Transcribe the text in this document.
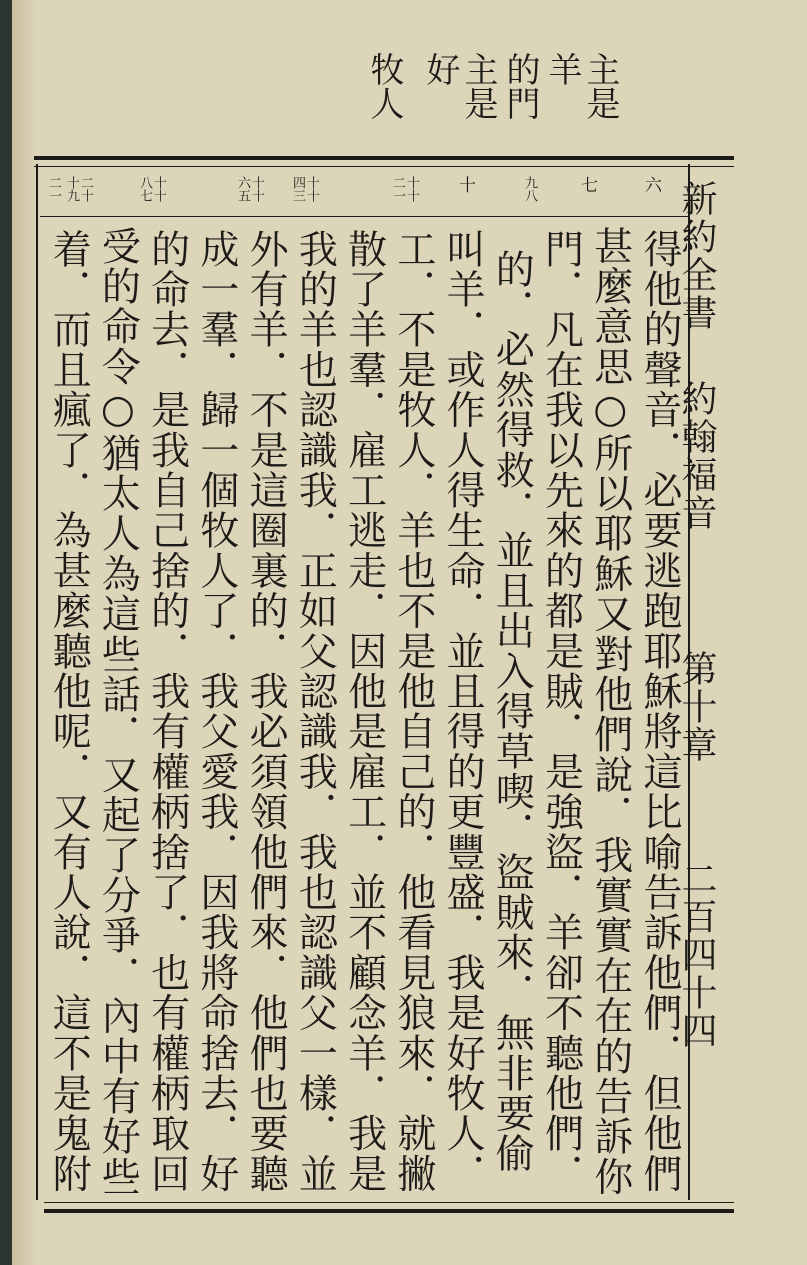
主是羊
的門
主是好
牧人
新約全書
約翰福音
第十章
二百四十四
六
七
九八
十
十十二一
十十四三
十十六五
十十八七
二十十九
二一
得他的聲音．必要逃跑耶穌將這比喻告訴他們．但他們
甚麼意思○所以耶穌又對他們說．我實實在在的告訴你
門．凡在我以先來的都是賊．是強盜．羊卻不聽他們．
的．必然得救．並且出入得草喫．盜賊來．無非要偷
叫羊．或作人得生命．並且得的更豐盛．我是好牧人．
工．不是牧人．羊也不是他自己的．他看見狼來．就撇
散了羊羣．雇工逃走．因他是雇工．並不顧念羊．我是
我的羊也認識我．正如父認識我．我也認識父一樣．並
外有羊．不是這圈裏的．我必須領他們來．他們也要聽
成一羣．歸一個牧人了．我父愛我．因我將命捨去．好
的命去．是我自己捨的．我有權柄捨了．也有權柄取回
受的命令○猶太人為這些話．又起了分爭．內中有好些
着．而且瘋了．為甚麼聽他呢．又有人說．這不是鬼附
